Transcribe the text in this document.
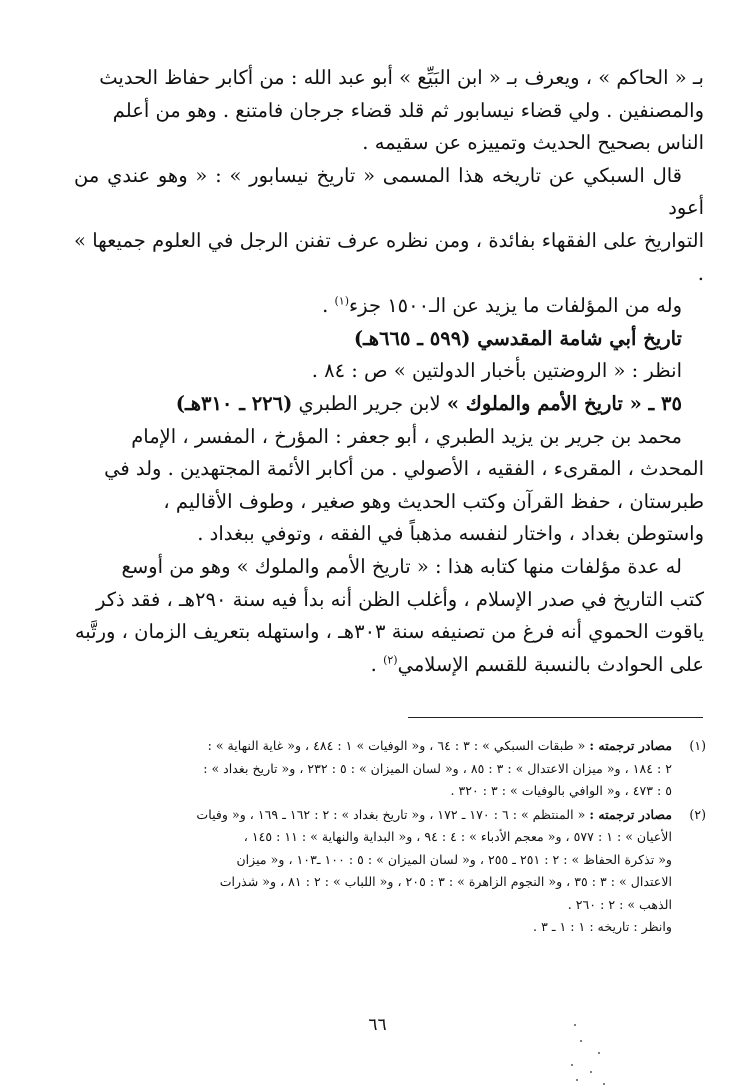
بـ « الحاكم » ، ويعرف بـ « ابن البَيِّع » أبو عبد الله : من أكابر حفاظ الحديث

والمصنفين . ولي قضاء نيسابور ثم قلد قضاء جرجان فامتنع . وهو من أعلم

الناس بصحيح الحديث وتمييزه عن سقيمه .

قال السبكي عن تاريخه هذا المسمى « تاريخ نيسابور » : « وهو عندي من أعود

التواريخ على الفقهاء بفائدة ، ومن نظره عرف تفنن الرجل في العلوم جميعها » .

وله من المؤلفات ما يزيد عن الـ١٥٠٠ جزء$^{(١)}$ .

تاريخ أبي شامة المقدسي (٥٩٩ ـ ٦٦٥هـ)

انظر : « الروضتين بأخبار الدولتين » ص : ٨٤ .

٣٥ ـ « تاريخ الأمم والملوك » لابن جرير الطبري (٢٢٦ ـ ٣١٠هـ)

محمد بن جرير بن يزيد الطبري ، أبو جعفر : المؤرخ ، المفسر ، الإمام

المحدث ، المقرىء ، الفقيه ، الأصولي . من أكابر الأئمة المجتهدين . ولد في

طبرستان ، حفظ القرآن وكتب الحديث وهو صغير ، وطوف الأقاليم ،

واستوطن بغداد ، واختار لنفسه مذهباً في الفقه ، وتوفي ببغداد .

له عدة مؤلفات منها كتابه هذا : « تاريخ الأمم والملوك » وهو من أوسع

كتب التاريخ في صدر الإسلام ، وأغلب الظن أنه بدأ فيه سنة ٢٩٠هـ ، فقد ذكر

ياقوت الحموي أنه فرغ من تصنيفه سنة ٣٠٣هـ ، واستهله بتعريف الزمان ، ورتَّبه

على الحوادث بالنسبة للقسم الإسلامي$^{(٢)}$ .

(١)
مصادر ترجمته : « طبقات السبكي » : ٣ : ٦٤ ، و« الوفيات » ١ : ٤٨٤ ، و« غاية النهاية » :
٢ : ١٨٤ ، و« ميزان الاعتدال » : ٣ : ٨٥ ، و« لسان الميزان » : ٥ : ٢٣٢ ، و« تاريخ بغداد » :
٥ : ٤٧٣ ، و« الوافي بالوفيات » : ٣ : ٣٢٠ .
(٢)
مصادر ترجمته : « المنتظم » : ٦ : ١٧٠ ـ ١٧٢ ، و« تاريخ بغداد » : ٢ : ١٦٢ ـ ١٦٩ ، و« وفيات
الأعيان » : ١ : ٥٧٧ ، و« معجم الأدباء » : ٤ : ٩٤ ، و« البداية والنهاية » : ١١ : ١٤٥ ،
و« تذكرة الحفاظ » : ٢ : ٢٥١ ـ ٢٥٥ ، و« لسان الميزان » : ٥ : ١٠٠ ـ١٠٣ ، و« ميزان
الاعتدال » : ٣ : ٣٥ ، و« النجوم الزاهرة » : ٣ : ٢٠٥ ، و« اللباب » : ٢ : ٨١ ، و« شذرات
الذهب » : ٢ : ٢٦٠ .
وانظر : تاريخه : ١ : ١ ـ ٣ .
٦٦
